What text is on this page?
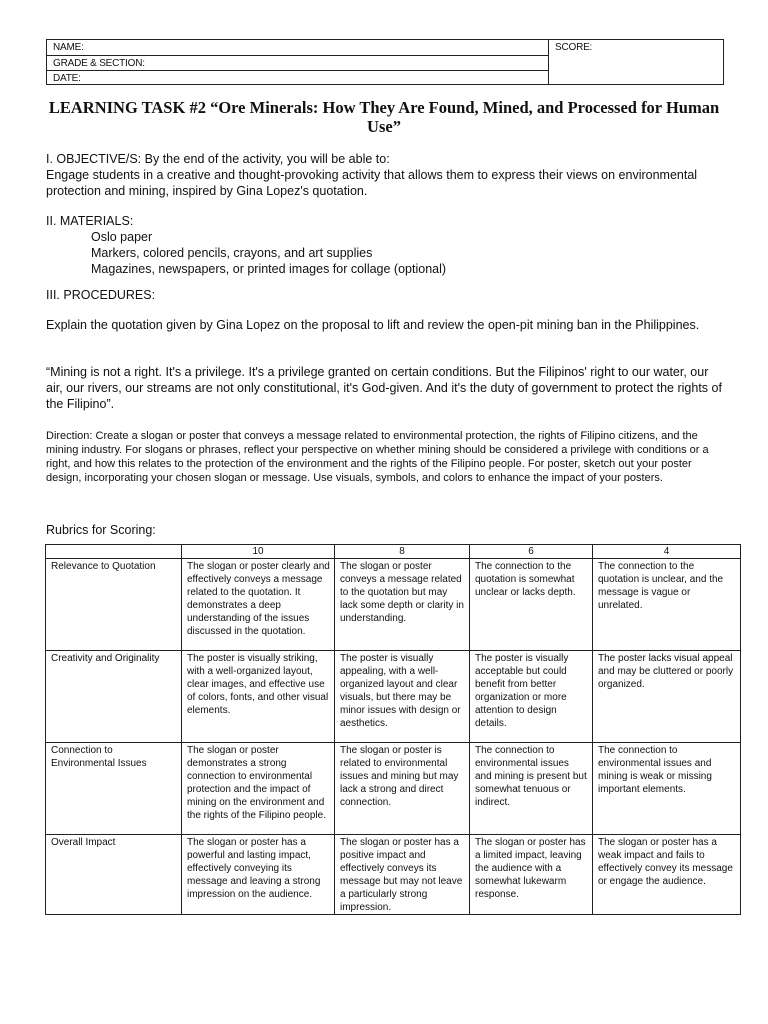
NAME:
GRADE & SECTION:
DATE:
SCORE:
LEARNING TASK #2 “Ore Minerals: How They Are Found, Mined, and Processed for Human Use”
I. OBJECTIVE/S: By the end of the activity, you will be able to:
Engage students in a creative and thought-provoking activity that allows them to express their views on environmental protection and mining, inspired by Gina Lopez's quotation.
II. MATERIALS:
Oslo paper
Markers, colored pencils, crayons, and art supplies
Magazines, newspapers, or printed images for collage (optional)
III. PROCEDURES:
Explain the quotation given by Gina Lopez on the proposal to lift and review the open-pit mining ban in the Philippines.
“Mining is not a right. It's a privilege. It's a privilege granted on certain conditions. But the Filipinos' right to our water, our air, our rivers, our streams are not only constitutional, it's God-given. And it's the duty of government to protect the rights of the Filipino”.
Direction: Create a slogan or poster that conveys a message related to environmental protection, the rights of Filipino citizens, and the mining industry. For slogans or phrases, reflect your perspective on whether mining should be considered a privilege with conditions or a right, and how this relates to the protection of the environment and the rights of the Filipino people. For poster, sketch out your poster design, incorporating your chosen slogan or message. Use visuals, symbols, and colors to enhance the impact of your posters.
Rubrics for Scoring:
	10	8	6	4
Relevance to Quotation	The slogan or poster clearly and effectively conveys a message related to the quotation. It demonstrates a deep understanding of the issues discussed in the quotation.	The slogan or poster conveys a message related to the quotation but may lack some depth or clarity in understanding.	The connection to the quotation is somewhat unclear or lacks depth.	The connection to the quotation is unclear, and the message is vague or unrelated.
Creativity and Originality	The poster is visually striking, with a well-organized layout, clear images, and effective use of colors, fonts, and other visual elements.	The poster is visually appealing, with a well-organized layout and clear visuals, but there may be minor issues with design or aesthetics.	The poster is visually acceptable but could benefit from better organization or more attention to design details.	The poster lacks visual appeal and may be cluttered or poorly organized.
Connection to Environmental Issues	The slogan or poster demonstrates a strong connection to environmental protection and the impact of mining on the environment and the rights of the Filipino people.	The slogan or poster is related to environmental issues and mining but may lack a strong and direct connection.	The connection to environmental issues and mining is present but somewhat tenuous or indirect.	The connection to environmental issues and mining is weak or missing important elements.
Overall Impact	The slogan or poster has a powerful and lasting impact, effectively conveying its message and leaving a strong impression on the audience.	The slogan or poster has a positive impact and effectively conveys its message but may not leave a particularly strong impression.	The slogan or poster has a limited impact, leaving the audience with a somewhat lukewarm response.	The slogan or poster has a weak impact and fails to effectively convey its message or engage the audience.
